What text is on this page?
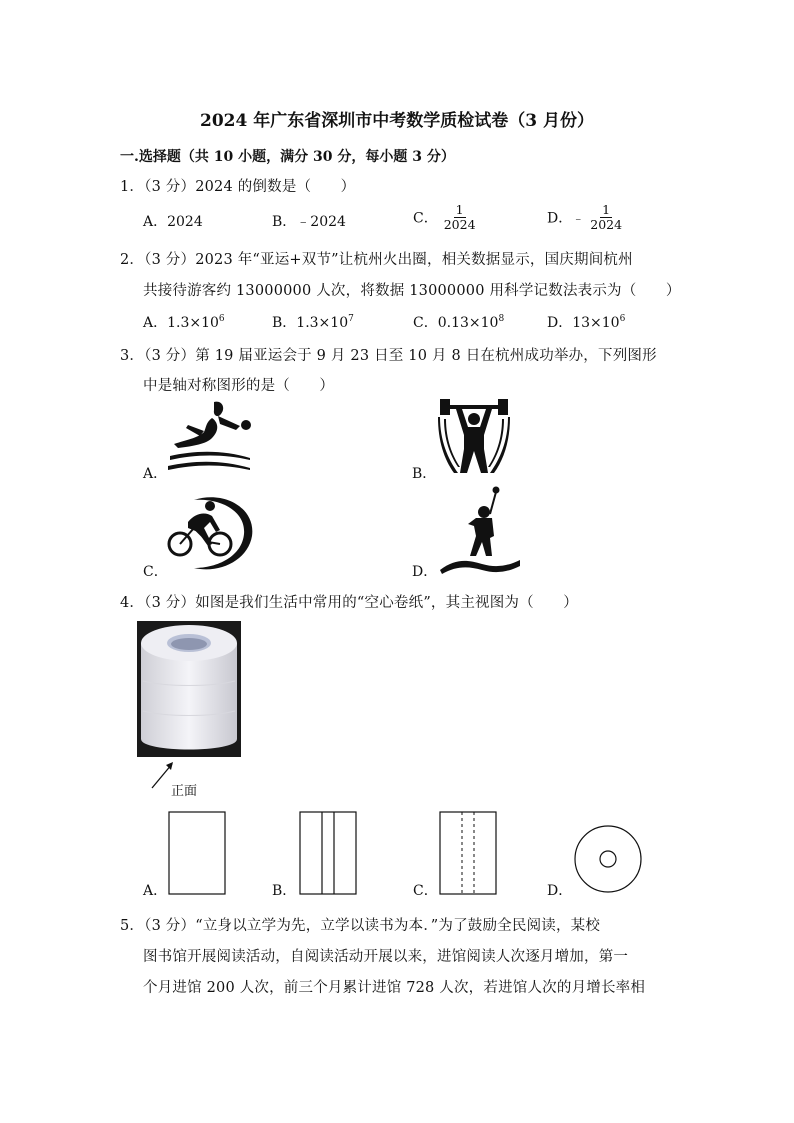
2024 年广东省深圳市中考数学质检试卷（3 月份）
一.选择题（共 10 小题，满分 30 分，每小题 3 分）
1．（3 分）2024 的倒数是（　　）
A．2024	B．﹣2024	C． $\frac{1}{2024}$	D．﹣ $\frac{1}{2024}$
2．（3 分）2023 年“亚运+双节”让杭州火出圈，相关数据显示，国庆期间杭州
共接待游客约 13000000 人次，将数据 13000000 用科学记数法表示为（　　）
A．$1.3\times 10^6$	B．$1.3\times 10^7$	C．$0.13\times 10^8$	D．$13\times 10^6$
3．（3 分）第 19 届亚运会于 9 月 23 日至 10 月 8 日在杭州成功举办，下列图形
中是轴对称图形的是（　　）
A．	B．
C．	D．
4．（3 分）如图是我们生活中常用的“空心卷纸”，其主视图为（　　）
正面
A．	B．	C．	D．
5．（3 分）“立身以立学为先，立学以读书为本．”为了鼓励全民阅读，某校
图书馆开展阅读活动，自阅读活动开展以来，进馆阅读人次逐月增加，第一
个月进馆 200 人次，前三个月累计进馆 728 人次，若进馆人次的月增长率相
